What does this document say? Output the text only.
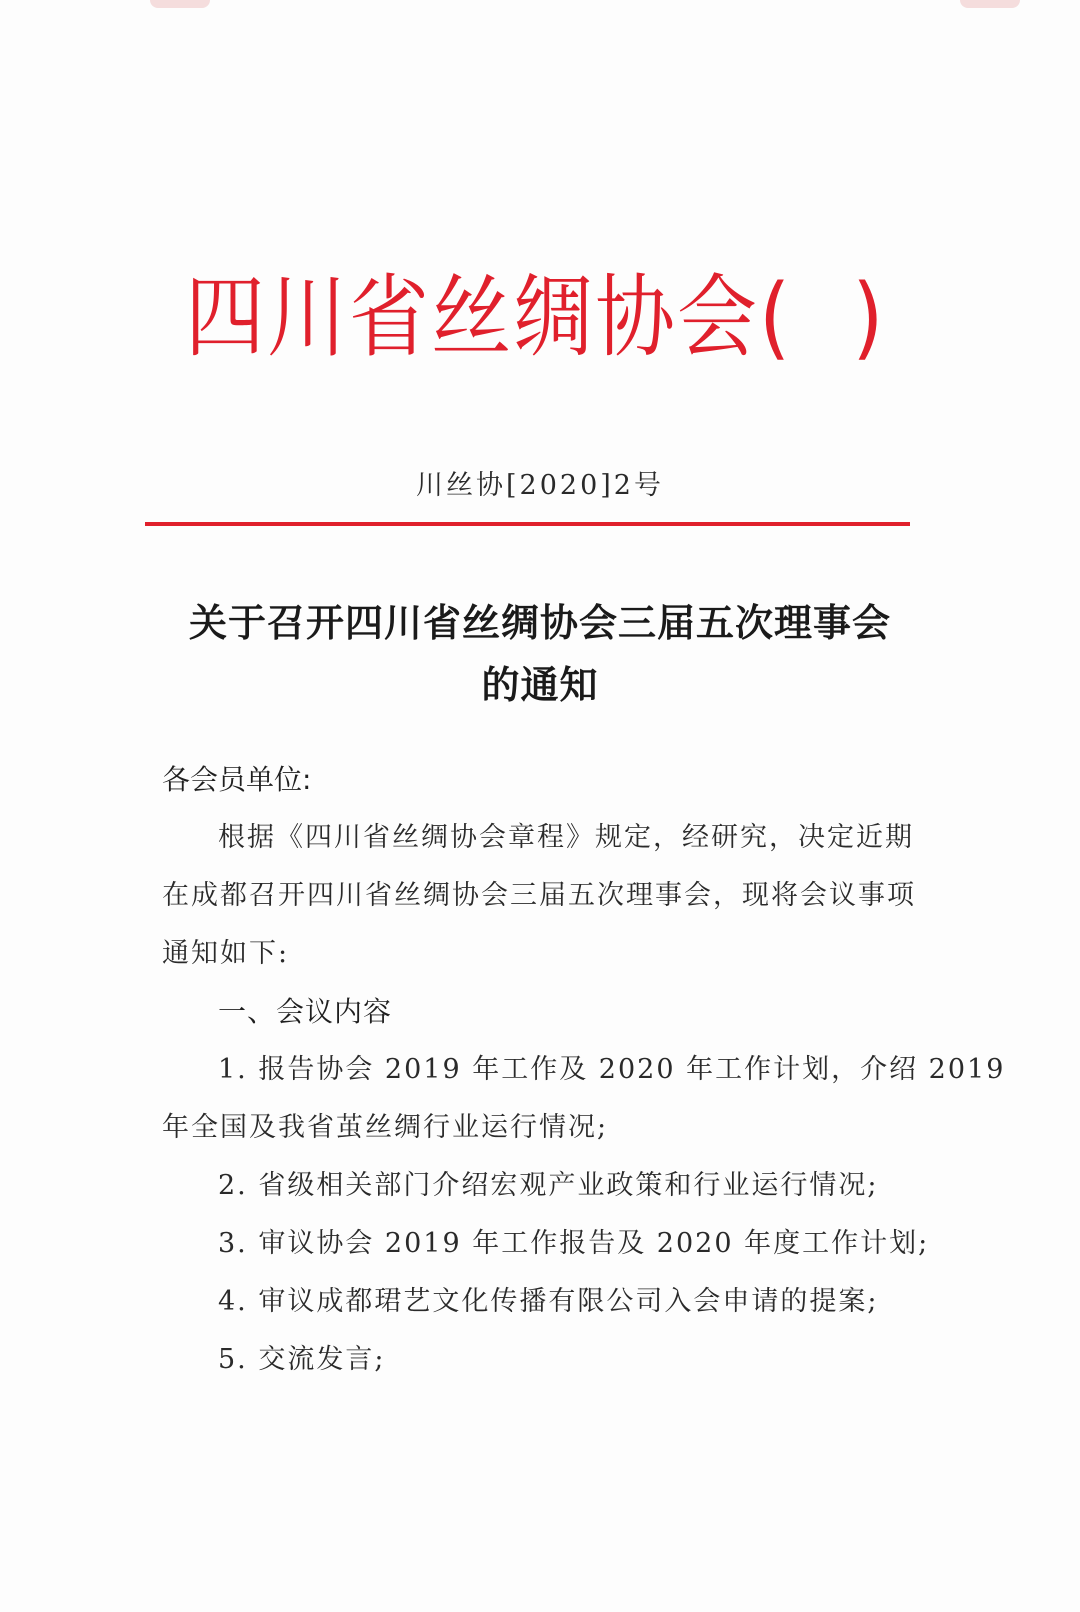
四川省丝绸协会( )
川丝协[2020]2号
关于召开四川省丝绸协会三届五次理事会
的通知
各会员单位:
根据《四川省丝绸协会章程》规定，经研究，决定近期
在成都召开四川省丝绸协会三届五次理事会，现将会议事项
通知如下:
一、会议内容
1. 报告协会 2019 年工作及 2020 年工作计划，介绍 2019
年全国及我省茧丝绸行业运行情况;
2. 省级相关部门介绍宏观产业政策和行业运行情况;
3. 审议协会 2019 年工作报告及 2020 年度工作计划;
4. 审议成都珺艺文化传播有限公司入会申请的提案;
5. 交流发言;
